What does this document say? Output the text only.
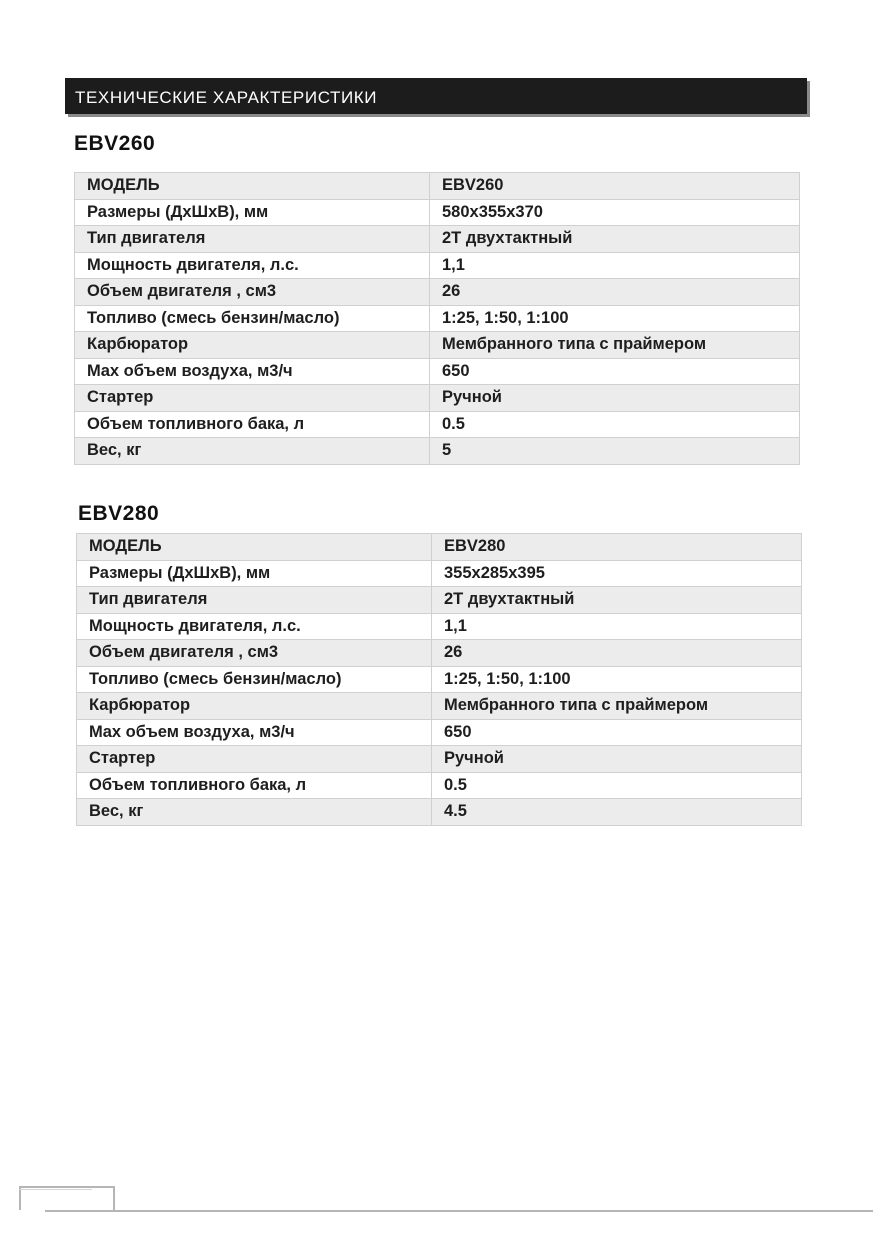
ТЕХНИЧЕСКИЕ ХАРАКТЕРИСТИКИ
EBV260
МОДЕЛЬ	EBV260
Размеры (ДхШхВ), мм	580x355x370
Тип двигателя	2Т двухтактный
Мощность двигателя, л.с.	1,1
Объем двигателя , см3	26
Топливо (смесь бензин/масло)	1:25, 1:50, 1:100
Карбюратор	Мембранного типа с праймером
Max объем воздуха, м3/ч	650
Стартер	Ручной
Объем топливного бака, л	0.5
Вес, кг	5
EBV280
МОДЕЛЬ	EBV280
Размеры (ДхШхВ), мм	355x285x395
Тип двигателя	2Т двухтактный
Мощность двигателя, л.с.	1,1
Объем двигателя , см3	26
Топливо (смесь бензин/масло)	1:25, 1:50, 1:100
Карбюратор	Мембранного типа с праймером
Max объем воздуха, м3/ч	650
Стартер	Ручной
Объем топливного бака, л	0.5
Вес, кг	4.5
